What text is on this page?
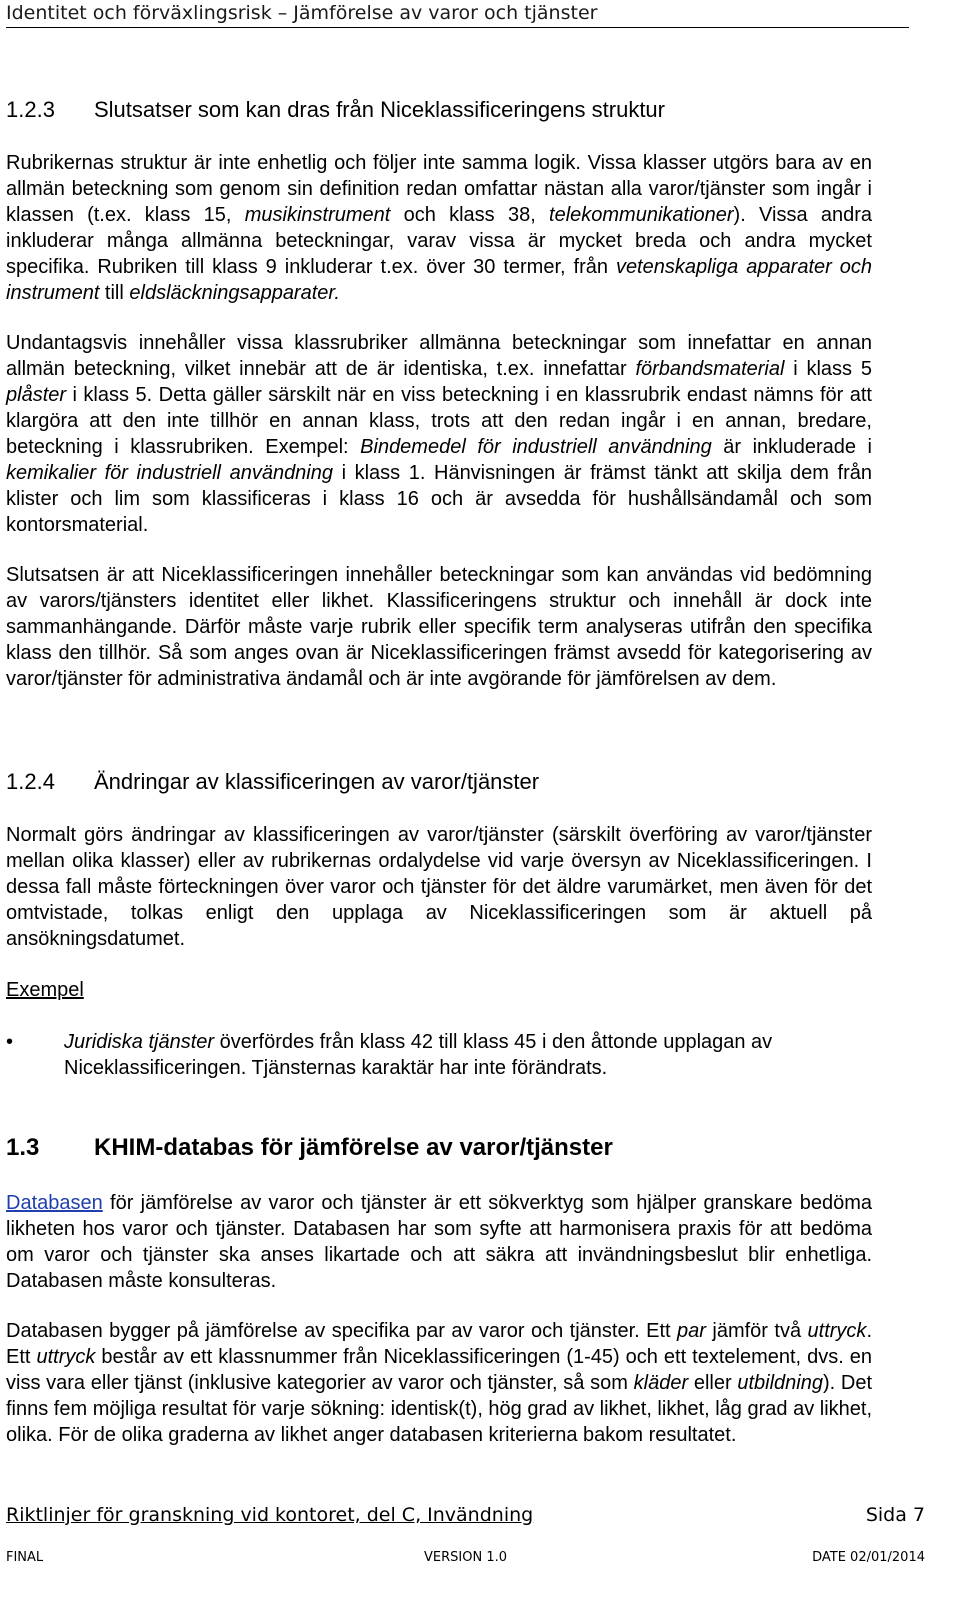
Identitet och förväxlingsrisk – Jämförelse av varor och tjänster
1.2.3 Slutsatser som kan dras från Niceklassificeringens struktur
Rubrikernas struktur är inte enhetlig och följer inte samma logik. Vissa klasser utgörs bara av en allmän beteckning som genom sin definition redan omfattar nästan alla varor/tjänster som ingår i klassen (t.ex. klass 15, musikinstrument och klass 38, telekommunikationer). Vissa andra inkluderar många allmänna beteckningar, varav vissa är mycket breda och andra mycket specifika. Rubriken till klass 9 inkluderar t.ex. över 30 termer, från vetenskapliga apparater och instrument till eldsläckningsapparater.
Undantagsvis innehåller vissa klassrubriker allmänna beteckningar som innefattar en annan allmän beteckning, vilket innebär att de är identiska, t.ex. innefattar förbandsmaterial i klass 5 plåster i klass 5. Detta gäller särskilt när en viss beteckning i en klassrubrik endast nämns för att klargöra att den inte tillhör en annan klass, trots att den redan ingår i en annan, bredare, beteckning i klassrubriken. Exempel: Bindemedel för industriell användning är inkluderade i kemikalier för industriell användning i klass 1. Hänvisningen är främst tänkt att skilja dem från klister och lim som klassificeras i klass 16 och är avsedda för hushållsändamål och som kontorsmaterial.
Slutsatsen är att Niceklassificeringen innehåller beteckningar som kan användas vid bedömning av varors/tjänsters identitet eller likhet. Klassificeringens struktur och innehåll är dock inte sammanhängande. Därför måste varje rubrik eller specifik term analyseras utifrån den specifika klass den tillhör. Så som anges ovan är Niceklassificeringen främst avsedd för kategorisering av varor/tjänster för administrativa ändamål och är inte avgörande för jämförelsen av dem.
1.2.4 Ändringar av klassificeringen av varor/tjänster
Normalt görs ändringar av klassificeringen av varor/tjänster (särskilt överföring av varor/tjänster mellan olika klasser) eller av rubrikernas ordalydelse vid varje översyn av Niceklassificeringen. I dessa fall måste förteckningen över varor och tjänster för det äldre varumärket, men även för det omtvistade, tolkas enligt den upplaga av Niceklassificeringen som är aktuell på ansökningsdatumet.
Exempel
•	Juridiska tjänster överfördes från klass 42 till klass 45 i den åttonde upplagan av Niceklassificeringen. Tjänsternas karaktär har inte förändrats.
1.3 KHIM-databas för jämförelse av varor/tjänster
Databasen för jämförelse av varor och tjänster är ett sökverktyg som hjälper granskare bedöma likheten hos varor och tjänster. Databasen har som syfte att harmonisera praxis för att bedöma om varor och tjänster ska anses likartade och att säkra att invändningsbeslut blir enhetliga. Databasen måste konsulteras.
Databasen bygger på jämförelse av specifika par av varor och tjänster. Ett par jämför två uttryck. Ett uttryck består av ett klassnummer från Niceklassificeringen (1-45) och ett textelement, dvs. en viss vara eller tjänst (inklusive kategorier av varor och tjänster, så som kläder eller utbildning). Det finns fem möjliga resultat för varje sökning: identisk(t), hög grad av likhet, likhet, låg grad av likhet, olika. För de olika graderna av likhet anger databasen kriterierna bakom resultatet.
Riktlinjer för granskning vid kontoret, del C, Invändning	Sida 7
FINAL	VERSION 1.0	DATE 02/01/2014
